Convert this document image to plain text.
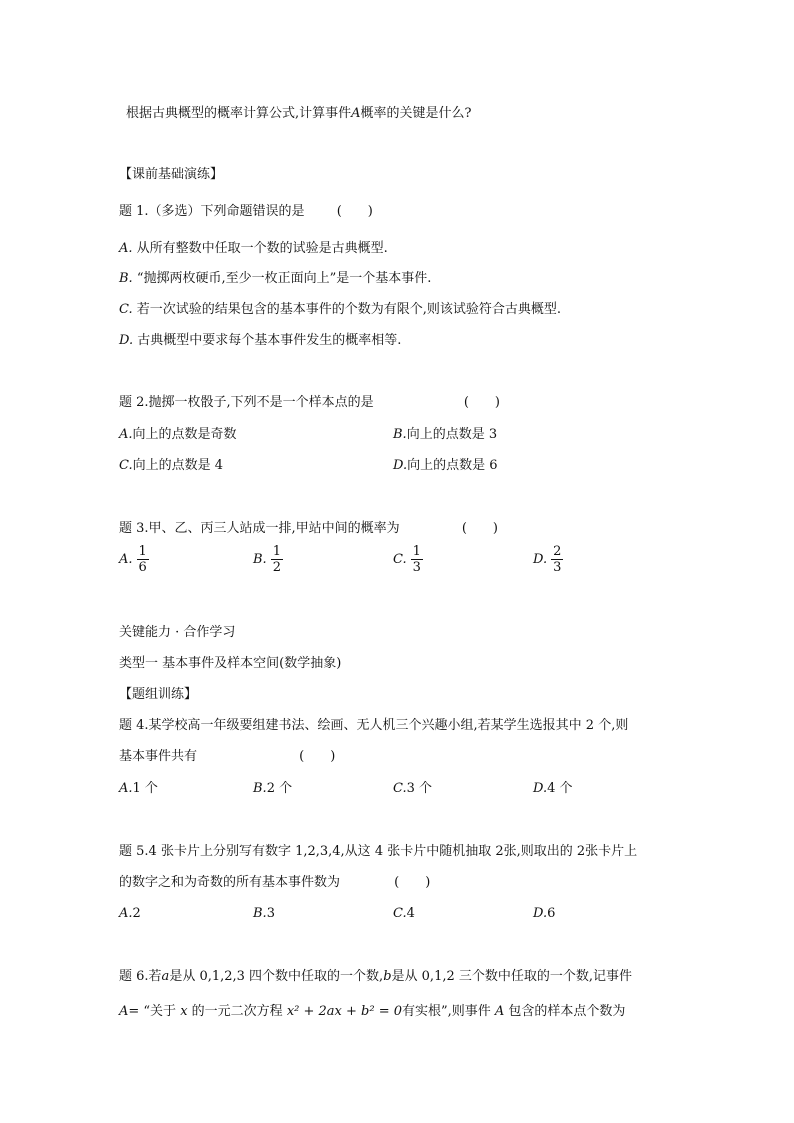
根据古典概型的概率计算公式,计算事件A概率的关键是什么?
【课前基础演练】
题 1.（多选）下列命题错误的是 (　　)
A. 从所有整数中任取一个数的试验是古典概型.
B. “抛掷两枚硬币,至少一枚正面向上”是一个基本事件.
C. 若一次试验的结果包含的基本事件的个数为有限个,则该试验符合古典概型.
D. 古典概型中要求每个基本事件发生的概率相等.
题 2.抛掷一枚骰子,下列不是一个样本点的是	(　　)
A.向上的点数是奇数	B.向上的点数是 3
C.向上的点数是 4	D.向上的点数是 6
题 3.甲、乙、丙三人站成一排,甲站中间的概率为	(　　)
A. $\frac{1}{6}$	B. $\frac{1}{2}$	C. $\frac{1}{3}$	D. $\frac{2}{3}$
关键能力 · 合作学习
类型一 基本事件及样本空间(数学抽象)
【题组训练】
题 4.某学校高一年级要组建书法、绘画、无人机三个兴趣小组,若某学生选报其中 2 个,则
基本事件共有	(　　)
A.1 个	B.2 个	C.3 个	D.4 个
题 5.4 张卡片上分别写有数字 1,2,3,4,从这 4 张卡片中随机抽取 2张,则取出的 2张卡片上
的数字之和为奇数的所有基本事件数为	(　　)
A.2	B.3	C.4	D.6
题 6.若a是从 0,1,2,3 四个数中任取的一个数,b是从 0,1,2 三个数中任取的一个数,记事件
A= “关于 x 的一元二次方程 x² + 2ax + b² = 0有实根”,则事件 A 包含的样本点个数为
